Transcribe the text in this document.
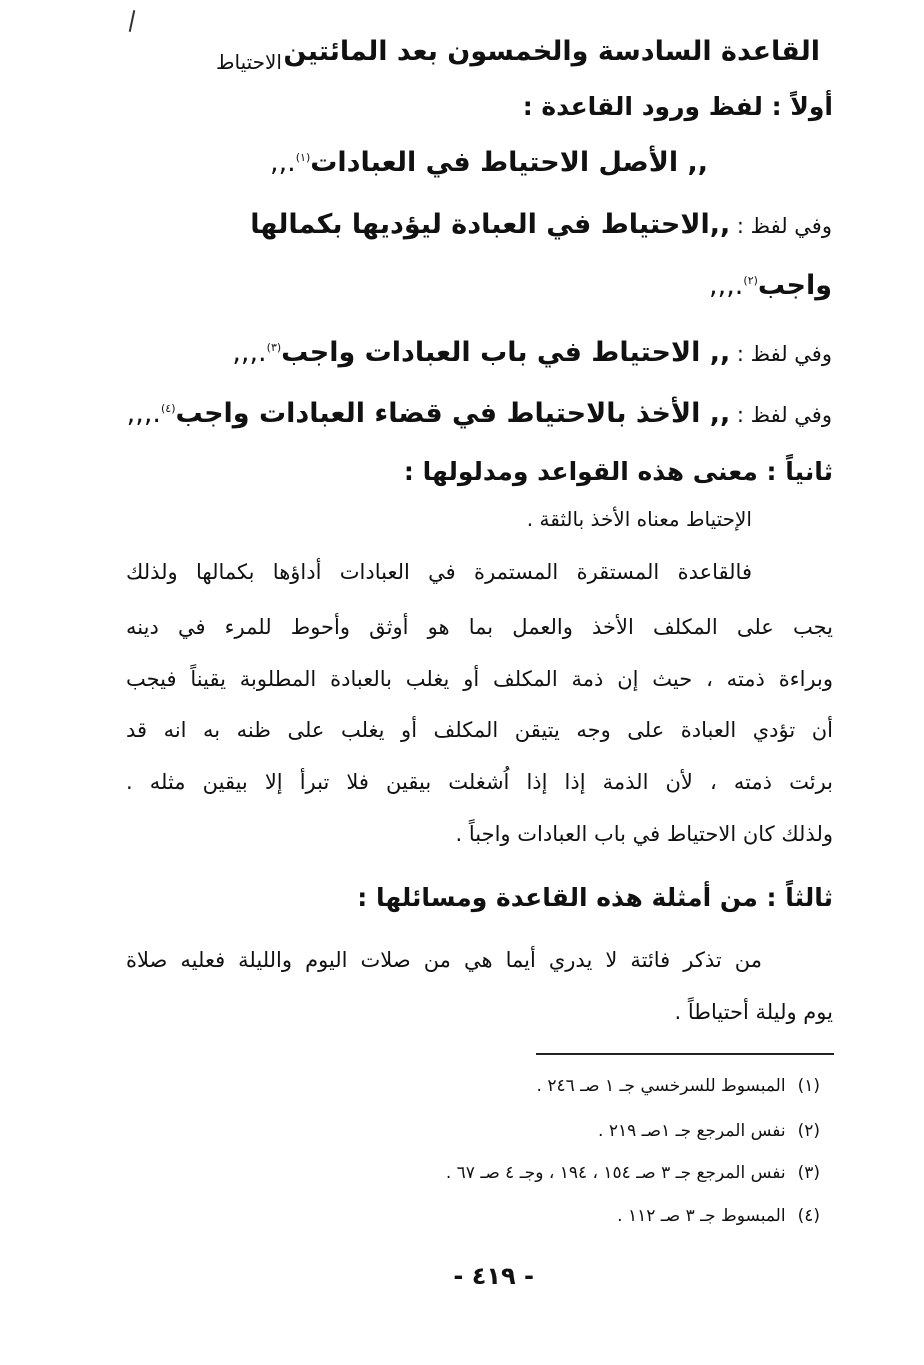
القاعدة السادسة والخمسون بعد المائتين
الاحتياط
أولاً : لفظ ورود القاعدة :
,, الأصل الاحتياط في العبادات$^{(١)}$.,,
وفي لفظ : ,,الاحتياط في العبادة ليؤديها بكمالها
واجب$^{(٢)}$.,,,
وفي لفظ : ,, الاحتياط في باب العبادات واجب$^{(٣)}$.,,,
وفي لفظ : ,, الأخذ بالاحتياط في قضاء العبادات واجب$^{(٤)}$.,,,
ثانياً : معنى هذه القواعد ومدلولها :
الإحتياط معناه الأخذ بالثقة .
فالقاعدة المستقرة المستمرة في العبادات أداؤها بكمالها ولذلك
يجب على المكلف الأخذ والعمل بما هو أوثق وأحوط للمرء في دينه
وبراءة ذمته ، حيث إن ذمة المكلف أو يغلب بالعبادة المطلوبة يقيناً فيجب
أن تؤدي العبادة على وجه يتيقن المكلف أو يغلب على ظنه به انه قد
برئت ذمته ، لأن الذمة إذا إذا اُشغلت بيقين فلا تبرأ إلا بيقين مثله .
ولذلك كان الاحتياط في باب العبادات واجباً .
ثالثاً : من أمثلة هذه القاعدة ومسائلها :
من تذكر فائتة لا يدري أيما هي من صلات اليوم والليلة فعليه صلاة
يوم وليلة أحتياطاً .
(١)المبسوط للسرخسي جـ ١ صـ ٢٤٦ .
(٢)نفس المرجع جـ ١صـ ٢١٩ .
(٣)نفس المرجع جـ ٣ صـ ١٥٤ ، ١٩٤ ، وجـ ٤ صـ ٦٧ .
(٤)المبسوط جـ ٣ صـ ١١٢ .
- ٤١٩ -
